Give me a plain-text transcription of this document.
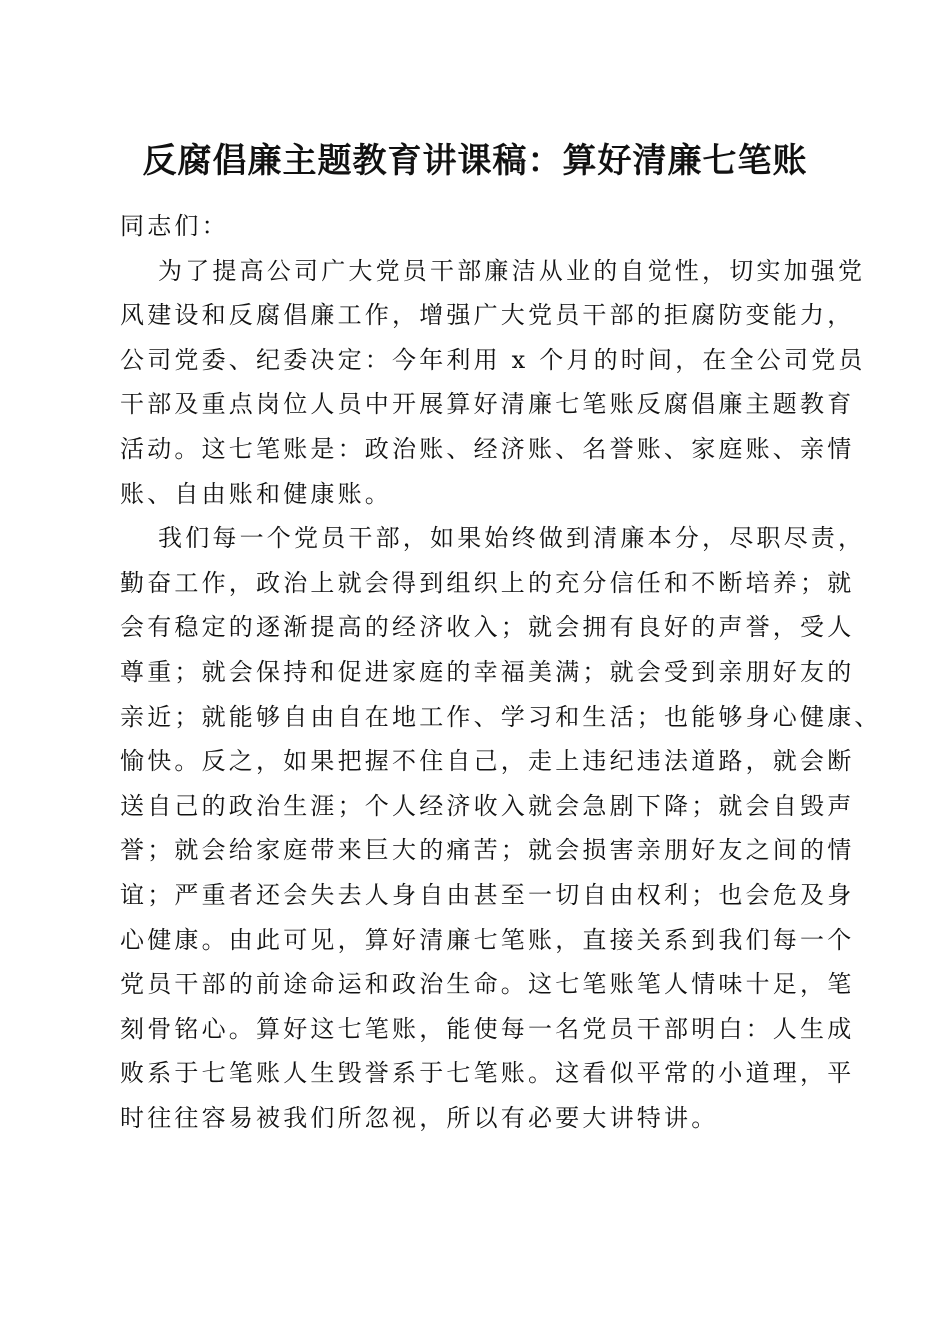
反腐倡廉主题教育讲课稿：算好清廉七笔账

同志们：

为了提高公司广大党员干部廉洁从业的自觉性，切实加强党
风建设和反腐倡廉工作，增强广大党员干部的拒腐防变能力，
公司党委、纪委决定：今年利用 x 个月的时间，在全公司党员
干部及重点岗位人员中开展算好清廉七笔账反腐倡廉主题教育
活动。这七笔账是：政治账、经济账、名誉账、家庭账、亲情
账、自由账和健康账。
我们每一个党员干部，如果始终做到清廉本分，尽职尽责，
勤奋工作，政治上就会得到组织上的充分信任和不断培养；就
会有稳定的逐渐提高的经济收入；就会拥有良好的声誉，受人
尊重；就会保持和促进家庭的幸福美满；就会受到亲朋好友的
亲近；就能够自由自在地工作、学习和生活；也能够身心健康、
愉快。反之，如果把握不住自己，走上违纪违法道路，就会断
送自己的政治生涯；个人经济收入就会急剧下降；就会自毁声
誉；就会给家庭带来巨大的痛苦；就会损害亲朋好友之间的情
谊；严重者还会失去人身自由甚至一切自由权利；也会危及身
心健康。由此可见，算好清廉七笔账，直接关系到我们每一个
党员干部的前途命运和政治生命。这七笔账笔人情味十足，笔
刻骨铭心。算好这七笔账，能使每一名党员干部明白：人生成
败系于七笔账人生毁誉系于七笔账。这看似平常的小道理，平
时往往容易被我们所忽视，所以有必要大讲特讲。
